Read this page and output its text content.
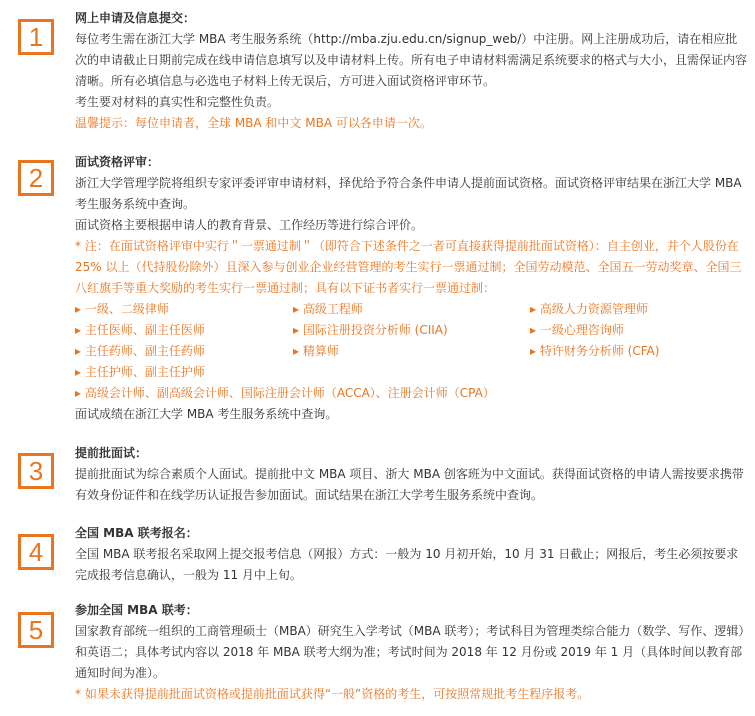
1

网上申请及信息提交：

每位考生需在浙江大学 MBA 考生服务系统（http://mba.zju.edu.cn/signup_web/）中注册。网上注册成功后，请在相应批次的申请截止日期前完成在线申请信息填写以及申请材料上传。所有电子申请材料需满足系统要求的格式与大小，且需保证内容清晰。所有必填信息与必选电子材料上传无误后，方可进入面试资格评审环节。

考生要对材料的真实性和完整性负责。

温馨提示：每位申请者，全球 MBA 和中文 MBA 可以各申请一次。

2

面试资格评审：

浙江大学管理学院将组织专家评委评审申请材料，择优给予符合条件申请人提前面试资格。面试资格评审结果在浙江大学 MBA 考生服务系统中查询。

面试资格主要根据申请人的教育背景、工作经历等进行综合评价。

* 注：在面试资格评审中实行＂一票通过制＂（即符合下述条件之一者可直接获得提前批面试资格）：自主创业，并个人股份在 25% 以上（代持股份除外）且深入参与创业企业经营管理的考生实行一票通过制；全国劳动模范、全国五一劳动奖章、全国三八红旗手等重大奖励的考生实行一票通过制；具有以下证书者实行一票通过制：

▸ 一级、二级律师	▸ 高级工程师	▸ 高级人力资源管理师
▸ 主任医师、副主任医师	▸ 国际注册投资分析师 (CIIA)	▸ 一级心理咨询师
▸ 主任药师、副主任药师	▸ 精算师	▸ 特许财务分析师 (CFA)
▸ 主任护师、副主任护师
▸ 高级会计师、副高级会计师、国际注册会计师（ACCA）、注册会计师（CPA）

面试成绩在浙江大学 MBA 考生服务系统中查询。

3

提前批面试：

提前批面试为综合素质个人面试。提前批中文 MBA 项目、浙大 MBA 创客班为中文面试。获得面试资格的申请人需按要求携带有效身份证件和在线学历认证报告参加面试。面试结果在浙江大学考生服务系统中查询。

4

全国 MBA 联考报名：

全国 MBA 联考报名采取网上提交报考信息（网报）方式：一般为 10 月初开始，10 月 31 日截止；网报后，考生必须按要求完成报考信息确认，一般为 11 月中上旬。

5

参加全国 MBA 联考：

国家教育部统一组织的工商管理硕士（MBA）研究生入学考试（MBA 联考）；考试科目为管理类综合能力（数学、写作、逻辑）和英语二；具体考试内容以 2018 年 MBA 联考大纲为准；考试时间为 2018 年 12 月份或 2019 年 1 月（具体时间以教育部通知时间为准）。

* 如果未获得提前批面试资格或提前批面试获得“一般”资格的考生，可按照常规批考生程序报考。
